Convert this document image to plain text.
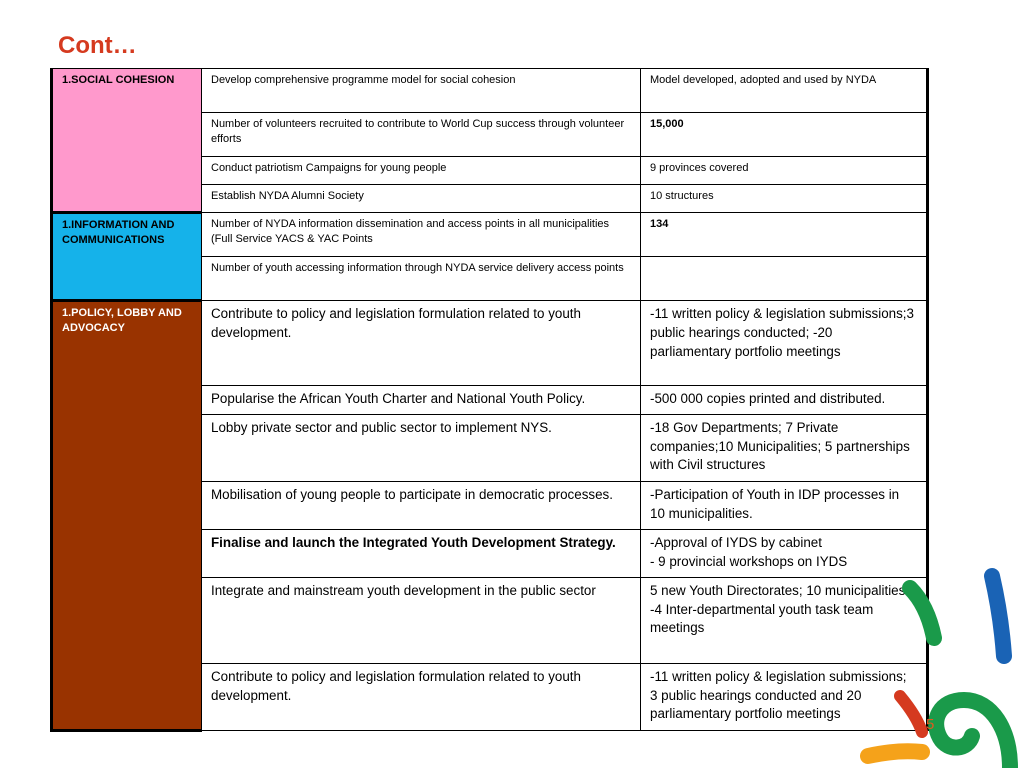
Cont…
1.SOCIAL COHESION	Develop comprehensive programme model for social cohesion	Model developed, adopted and used by NYDA
	Number of volunteers recruited to contribute to World Cup success through volunteer efforts	15,000
	Conduct patriotism Campaigns for young people	9 provinces covered
	Establish NYDA Alumni Society	10 structures
1.INFORMATION AND COMMUNICATIONS	Number of NYDA information dissemination and access points in all municipalities (Full Service YACS & YAC Points	134
	Number of youth accessing information through NYDA service delivery access points	
1.POLICY, LOBBY AND ADVOCACY	Contribute to policy and legislation formulation related to youth development.	-11 written policy & legislation submissions;3 public hearings conducted; -20 parliamentary portfolio meetings
	Popularise the African Youth Charter and National Youth Policy.	-500 000 copies printed and distributed.
	Lobby private sector and public sector to implement NYS.	-18 Gov Departments; 7 Private companies;10 Municipalities; 5 partnerships with Civil structures
	Mobilisation of young people to participate in democratic processes.	-Participation of Youth in IDP processes in 10 municipalities.
	Finalise and launch the Integrated Youth Development Strategy.	-Approval of IYDS by cabinet
- 9 provincial workshops on IYDS
	Integrate and mainstream youth development in the public sector	5 new Youth Directorates; 10 municipalities.
-4 Inter-departmental youth task team meetings
	Contribute to policy and legislation formulation related to youth development.	-11 written policy & legislation submissions; 3 public hearings conducted and 20 parliamentary portfolio meetings
5
